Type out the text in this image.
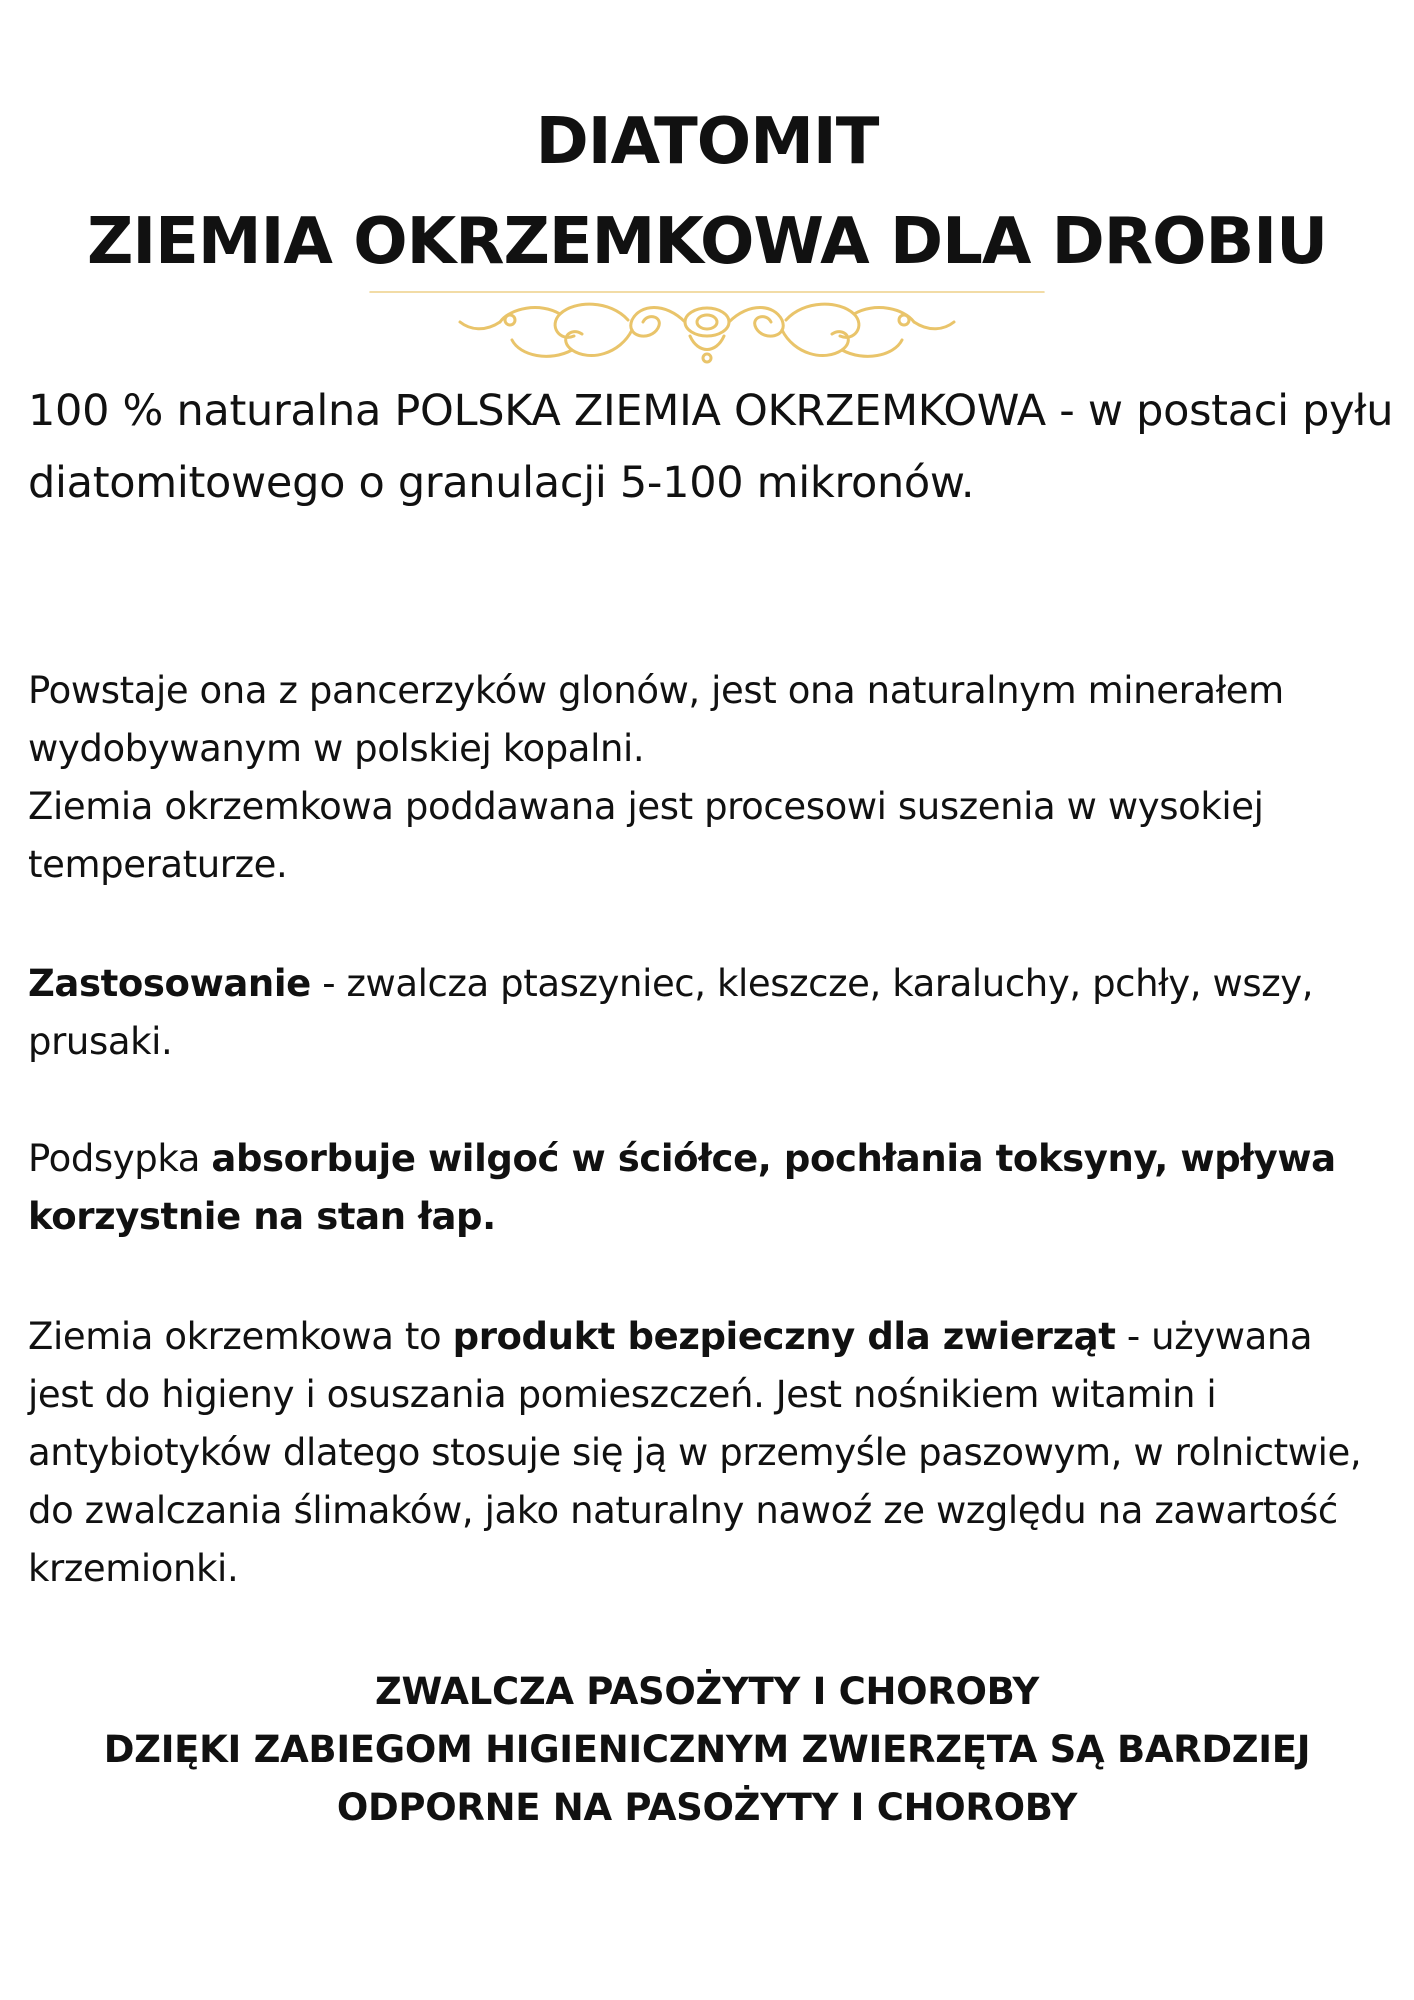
DIATOMIT
ZIEMIA OKRZEMKOWA DLA DROBIU

100 % naturalna POLSKA ZIEMIA OKRZEMKOWA - w postaci pyłu diatomitowego o granulacji 5-100 mikronów.

Powstaje ona z pancerzyków glonów, jest ona naturalnym minerałem wydobywanym w polskiej kopalni.
Ziemia okrzemkowa poddawana jest procesowi suszenia w wysokiej temperaturze.

Zastosowanie - zwalcza ptaszyniec, kleszcze, karaluchy, pchły, wszy, prusaki.

Podsypka absorbuje wilgoć w ściółce, pochłania toksyny, wpływa korzystnie na stan łap.

Ziemia okrzemkowa to produkt bezpieczny dla zwierząt - używana jest do higieny i osuszania pomieszczeń. Jest nośnikiem witamin i antybiotyków dlatego stosuje się ją w przemyśle paszowym, w rolnictwie, do zwalczania ślimaków, jako naturalny nawoź ze względu na zawartość krzemionki.

ZWALCZA PASOŻYTY I CHOROBY
DZIĘKI ZABIEGOM HIGIENICZNYM ZWIERZĘTA SĄ BARDZIEJ
ODPORNE NA PASOŻYTY I CHOROBY
